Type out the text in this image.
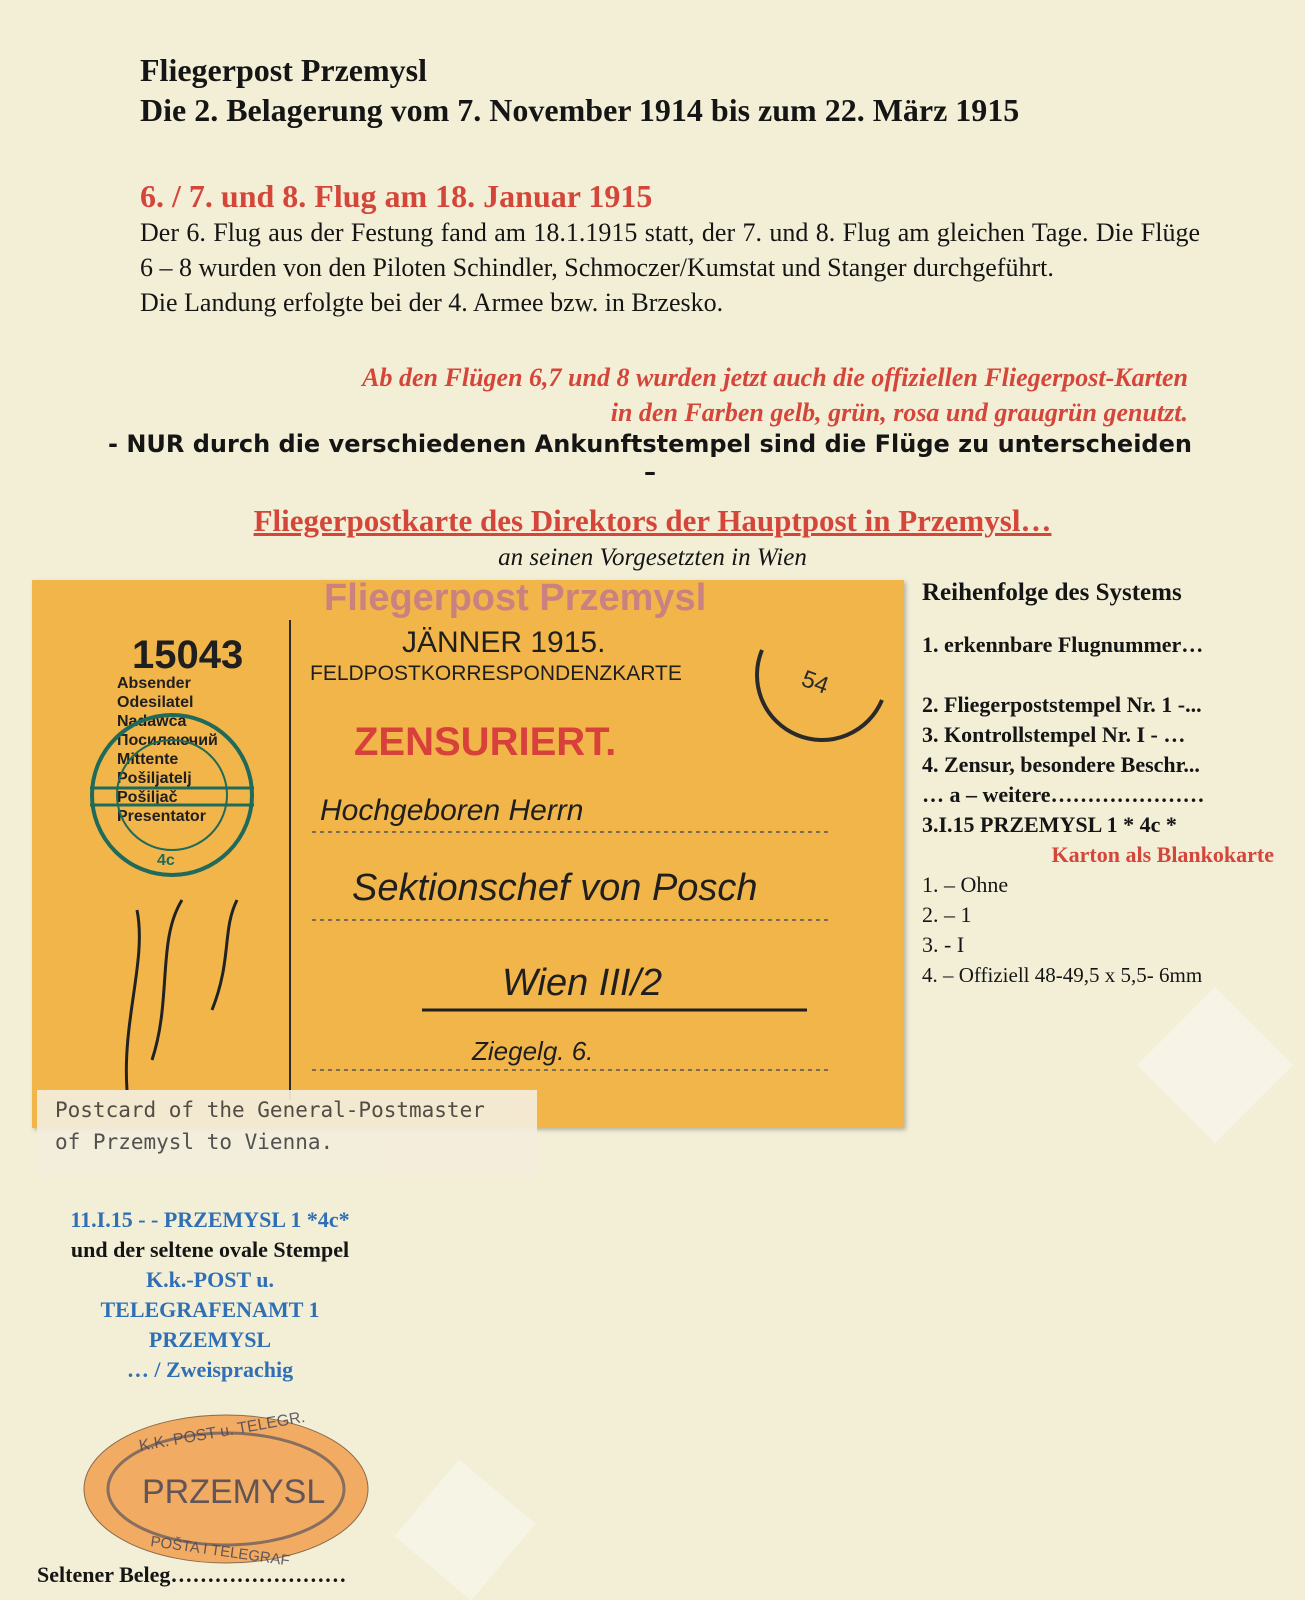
Fliegerpost Przemysl
Die 2. Belagerung vom 7. November 1914 bis zum 22. März 1915
6. / 7. und 8. Flug am 18. Januar 1915

Der 6. Flug aus der Festung fand am 18.1.1915 statt, der 7. und 8. Flug am gleichen Tage. Die Flüge 6 – 8 wurden von den Piloten Schindler, Schmoczer/Kumstat und Stanger durchgeführt.

Die Landung erfolgte bei der 4. Armee bzw. in Brzesko.

Ab den Flügen 6,7 und 8 wurden jetzt auch die offiziellen Fliegerpost-Karten
in den Farben gelb, grün, rosa und graugrün genutzt.
- NUR durch die verschiedenen Ankunftstempel sind die Flüge zu unterscheiden –
Fliegerpostkarte des Direktors der Hauptpost in Przemysl…
an seinen Vorgesetzten in Wien
15043
Absender
Odesilatel
Nadawca
Посилаючий
Mittente
Pošiljatelj
Pošiljač
Presentator
4c
Fliegerpost Przemysl
JÄNNER 1915.
FELDPOSTKORRESPONDENZKARTE	54
ZENSURIERT.
Hochgeboren Herrn
Sektionschef von Posch
Wien III/2
Ziegelg. 6.
Postcard of the General-Postmaster
of Przemysl to Vienna.
Reihenfolge des Systems
1. erkennbare Flugnummer…
2. Fliegerpoststempel Nr. 1 -...
3. Kontrollstempel Nr. I - …
4. Zensur, besondere Beschr...
… a – weitere…………………
3.I.15 PRZEMYSL 1 * 4c *
Karton als Blankokarte
1. – Ohne
2. – 1
3. - I
4. – Offiziell 48-49,5 x 5,5- 6mm
11.I.15 - - PRZEMYSL 1 *4c*
und der seltene ovale Stempel
K.k.-POST u.
TELEGRAFENAMT 1
PRZEMYSL
… / Zweisprachig
K.K. POST u. TELEGR.
PRZEMYSL
POŠTA I TELEGRAF
Seltener Beleg……………………
